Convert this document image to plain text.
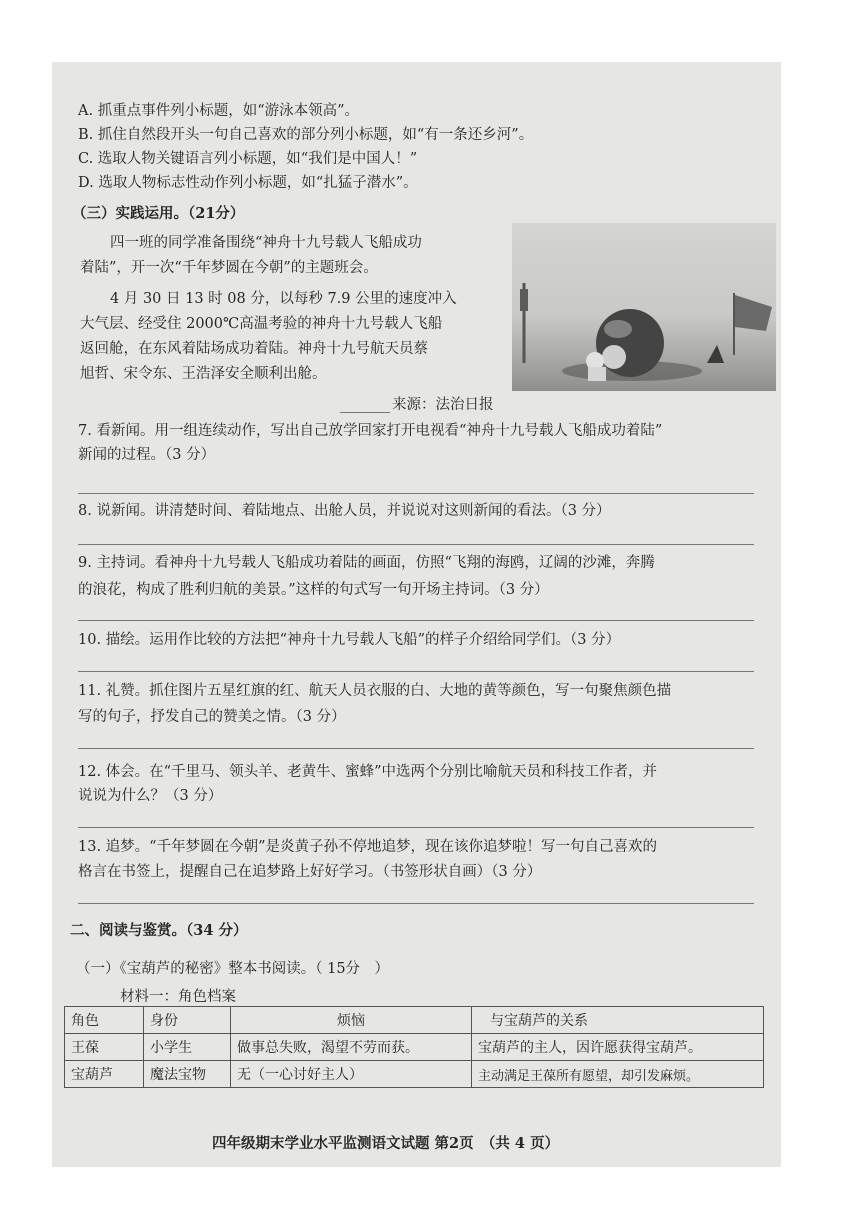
A. 抓重点事件列小标题，如“游泳本领高”。
B. 抓住自然段开头一句自己喜欢的部分列小标题，如“有一条还乡河”。
C. 选取人物关键语言列小标题，如“我们是中国人！”
D. 选取人物标志性动作列小标题，如“扎猛子潜水”。
（三）实践运用。（21分）
四一班的同学准备围绕“神舟十九号载人飞船成功
着陆”，开一次“千年梦圆在今朝”的主题班会。
4 月 30 日 13 时 08 分，以每秒 7.9 公里的速度冲入
大气层、经受住 2000℃高温考验的神舟十九号载人飞船
返回舱，在东风着陆场成功着陆。神舟十九号航天员蔡
旭哲、宋令东、王浩泽安全顺利出舱。
来源：法治日报
7. 看新闻。用一组连续动作，写出自己放学回家打开电视看“神舟十九号载人飞船成功着陆”
新闻的过程。（3 分）
8. 说新闻。讲清楚时间、着陆地点、出舱人员，并说说对这则新闻的看法。（3 分）
9. 主持词。看神舟十九号载人飞船成功着陆的画面，仿照“飞翔的海鸥，辽阔的沙滩，奔腾
的浪花，构成了胜利归航的美景。”这样的句式写一句开场主持词。（3 分）
10. 描绘。运用作比较的方法把“神舟十九号载人飞船”的样子介绍给同学们。（3 分）
11. 礼赞。抓住图片五星红旗的红、航天人员衣服的白、大地的黄等颜色，写一句聚焦颜色描
写的句子，抒发自己的赞美之情。（3 分）
12. 体会。在“千里马、领头羊、老黄牛、蜜蜂”中选两个分别比喻航天员和科技工作者，并
说说为什么？（3 分）
13. 追梦。“千年梦圆在今朝”是炎黄子孙不停地追梦，现在该你追梦啦！写一句自己喜欢的
格言在书签上，提醒自己在追梦路上好好学习。（书签形状自画）（3 分）
二、阅读与鉴赏。（34 分）
（一）《宝葫芦的秘密》整本书阅读。（ 15分　）
材料一：角色档案
角色	身份	烦恼	与宝葫芦的关系
王葆	小学生	做事总失败，渴望不劳而获。	宝葫芦的主人，因许愿获得宝葫芦。
宝葫芦	魔法宝物	无（一心讨好主人）	主动满足王葆所有愿望，却引发麻烦。
四年级期末学业水平监测语文试题 第2页　（共 4 页）
